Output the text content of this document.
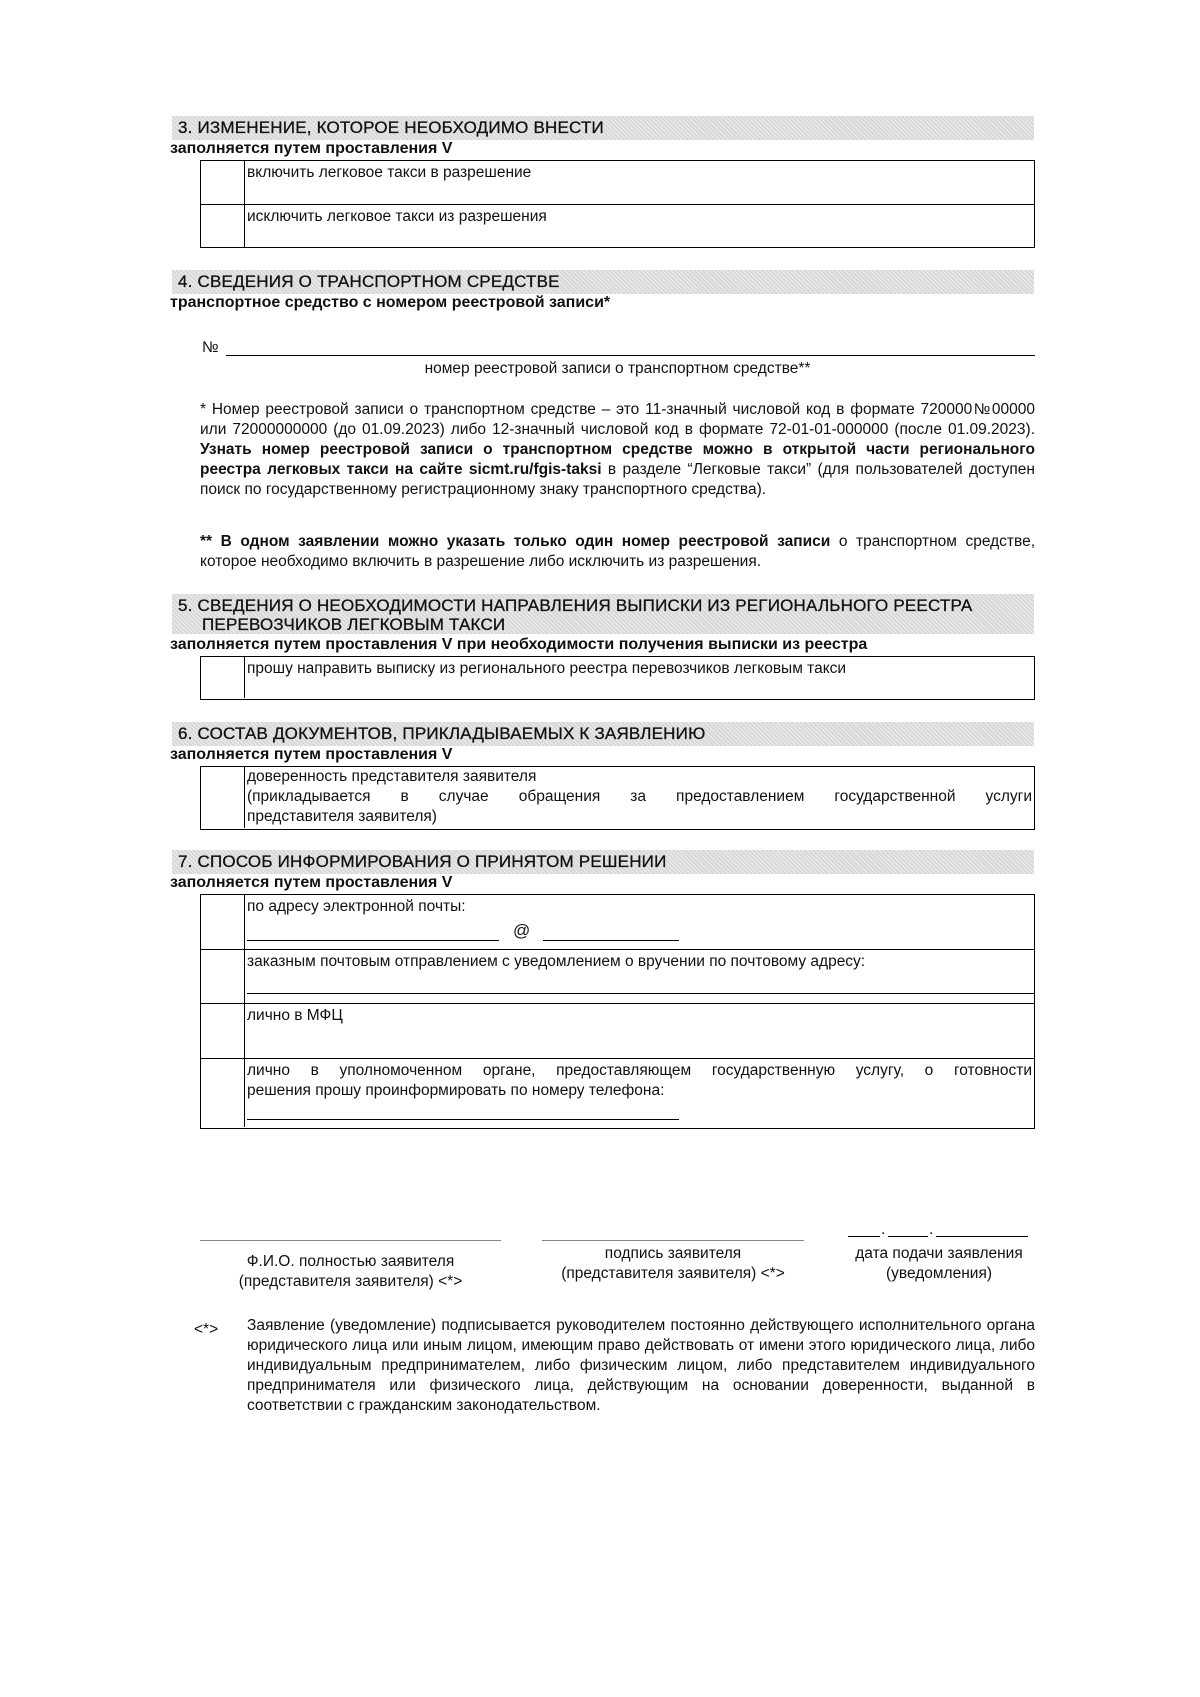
3. ИЗМЕНЕНИЕ, КОТОРОЕ НЕОБХОДИМО ВНЕСТИ
заполняется путем проставления V
включить легковое такси в разрешение
исключить легковое такси из разрешения
4. СВЕДЕНИЯ О ТРАНСПОРТНОМ СРЕДСТВЕ
транспортное средство с номером реестровой записи*
№
номер реестровой записи о транспортном средстве**
* Номер реестровой записи о транспортном средстве – это 11-значный числовой код в формате 720000№00000 или 72000000000 (до 01.09.2023) либо 12-значный числовой код в формате 72-01-01-000000 (после 01.09.2023). Узнать номер реестровой записи о транспортном средстве можно в открытой части регионального реестра легковых такси на сайте sicmt.ru/fgis-taksi в разделе “Легковые такси” (для пользователей доступен поиск по государственному регистрационному знаку транспортного средства).
** В одном заявлении можно указать только один номер реестровой записи о транспортном средстве, которое необходимо включить в разрешение либо исключить из разрешения.
5. СВЕДЕНИЯ О НЕОБХОДИМОСТИ НАПРАВЛЕНИЯ ВЫПИСКИ ИЗ РЕГИОНАЛЬНОГО РЕЕСТРА
ПЕРЕВОЗЧИКОВ ЛЕГКОВЫМ ТАКСИ
заполняется путем проставления V при необходимости получения выписки из реестра
прошу направить выписку из регионального реестра перевозчиков легковым такси
6. СОСТАВ ДОКУМЕНТОВ, ПРИКЛАДЫВАЕМЫХ К ЗАЯВЛЕНИЮ
заполняется путем проставления V
доверенность представителя заявителя
(прикладывается в случае обращения за предоставлением государственной услуги
представителя заявителя)
7. СПОСОБ ИНФОРМИРОВАНИЯ О ПРИНЯТОМ РЕШЕНИИ
заполняется путем проставления V
по адресу электронной почты:
@
заказным почтовым отправлением с уведомлением о вручении по почтовому адресу:
лично в МФЦ
лично в уполномоченном органе, предоставляющем государственную услугу, о готовности
решения прошу проинформировать по номеру телефона:
Ф.И.О. полностью заявителя
(представителя заявителя) <*>
подпись заявителя
(представителя заявителя) <*>
.	.
дата подачи заявления
(уведомления)
<*> Заявление (уведомление) подписывается руководителем постоянно действующего исполнительного органа юридического лица или иным лицом, имеющим право действовать от имени этого юридического лица, либо индивидуальным предпринимателем, либо физическим лицом, либо представителем индивидуального предпринимателя или физического лица, действующим на основании доверенности, выданной в соответствии с гражданским законодательством.
